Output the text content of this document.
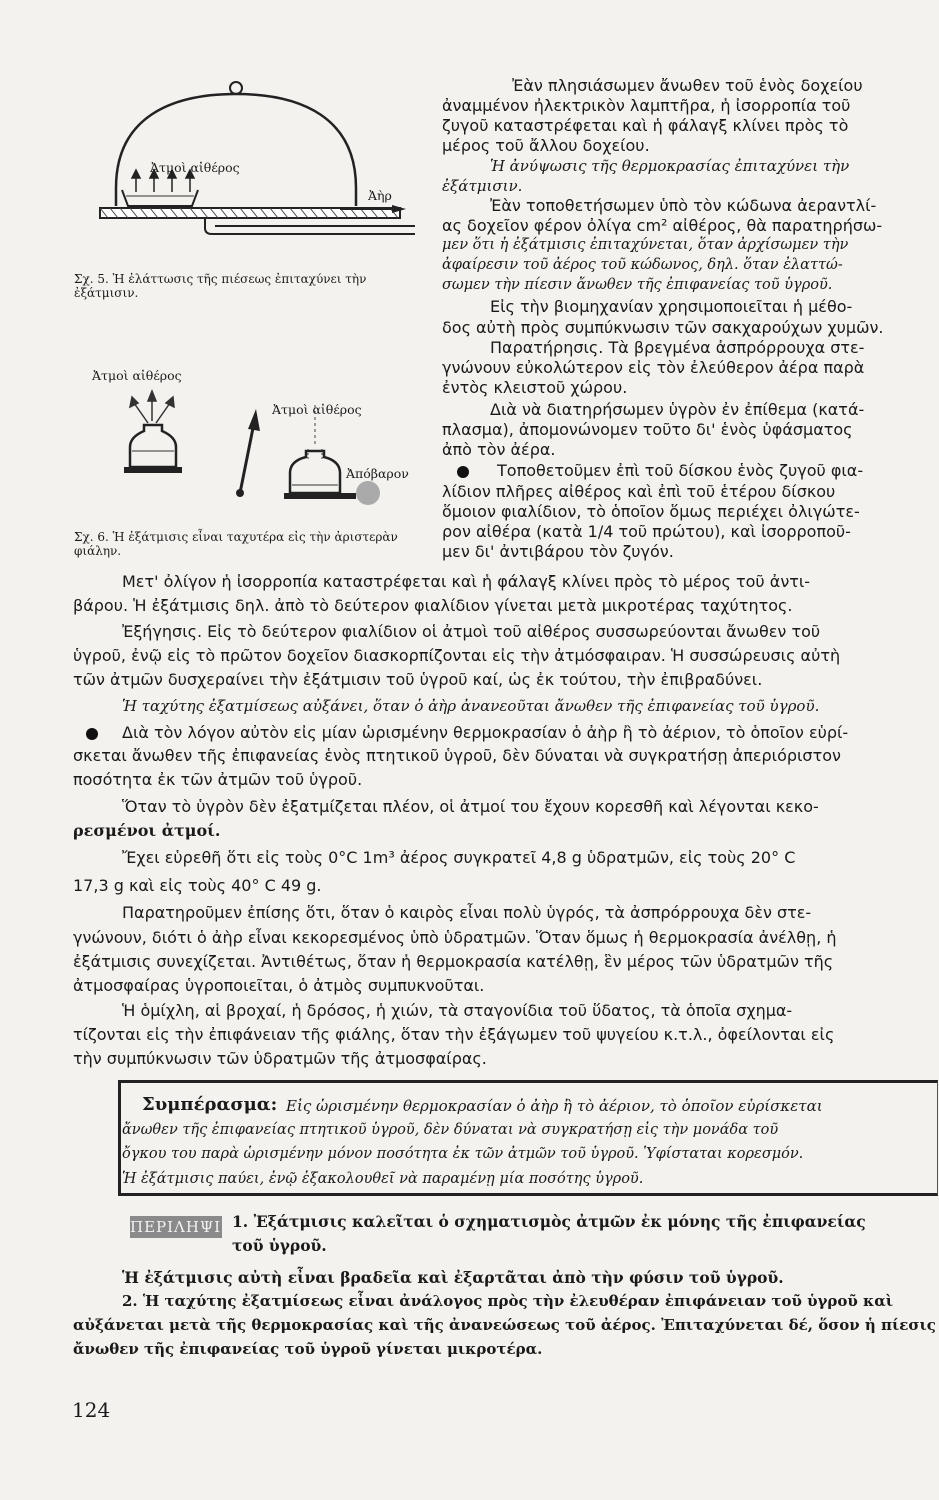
Ἀτμοὶ αἰθέρος
Ἀὴρ
Σχ. 5. Ἡ ἐλάττωσις τῆς πιέσεως ἐπιταχύνει τὴν ἐξάτμισιν.
Ἀτμοὶ αἰθέρος
Ἀτμοὶ αἰθέρος
Ἀπόβαρον
Σχ. 6. Ἡ ἐξάτμισις εἶναι ταχυτέρα εἰς τὴν ἀριστερὰν φιάλην.
Ἐὰν πλησιάσωμεν ἄνωθεν τοῦ ἑνὸς δοχείου
ἀναμμένον ἠλεκτρικὸν λαμπτῆρα, ἡ ἰσορροπία τοῦ
ζυγοῦ καταστρέφεται καὶ ἡ φάλαγξ κλίνει πρὸς τὸ
μέρος τοῦ ἄλλου δοχείου.
Ἡ ἀνύψωσις τῆς θερμοκρασίας ἐπιταχύνει τὴν
ἐξάτμισιν.
Ἐὰν τοποθετήσωμεν ὑπὸ τὸν κώδωνα ἀεραντλί-
ας δοχεῖον φέρον ὀλίγα cm² αἰθέρος, θὰ παρατηρήσω-
μεν ὅτι ἡ ἐξάτμισις ἐπιταχύνεται, ὅταν ἀρχίσωμεν τὴν
ἀφαίρεσιν τοῦ ἀέρος τοῦ κώδωνος, δηλ. ὅταν ἐλαττώ-
σωμεν τὴν πίεσιν ἄνωθεν τῆς ἐπιφανείας τοῦ ὑγροῦ.
Εἰς τὴν βιομηχανίαν χρησιμοποιεῖται ἡ μέθο-
δος αὐτὴ πρὸς συμπύκνωσιν τῶν σακχαρούχων χυμῶν.
Παρατήρησις. Τὰ βρεγμένα ἀσπρόρρουχα στε-
γνώνουν εὐκολώτερον εἰς τὸν ἐλεύθερον ἀέρα παρὰ
ἐντὸς κλειστοῦ χώρου.
Διὰ νὰ διατηρήσωμεν ὑγρὸν ἐν ἐπίθεμα (κατά-
πλασμα), ἀπομονώνομεν τοῦτο δι' ἑνὸς ὑφάσματος
ἀπὸ τὸν ἀέρα.
Τοποθετοῦμεν ἐπὶ τοῦ δίσκου ἑνὸς ζυγοῦ φια-
λίδιον πλῆρες αἰθέρος καὶ ἐπὶ τοῦ ἑτέρου δίσκου
ὅμοιον φιαλίδιον, τὸ ὁποῖον ὅμως περιέχει ὀλιγώτε-
ρον αἰθέρα (κατὰ 1/4 τοῦ πρώτου), καὶ ἰσορροποῦ-
μεν δι' ἀντιβάρου τὸν ζυγόν.
Μετ' ὀλίγον ἡ ἰσορροπία καταστρέφεται καὶ ἡ φάλαγξ κλίνει πρὸς τὸ μέρος τοῦ ἀντι-
βάρου. Ἡ ἐξάτμισις δηλ. ἀπὸ τὸ δεύτερον φιαλίδιον γίνεται μετὰ μικροτέρας ταχύτητος.
Ἐξήγησις. Εἰς τὸ δεύτερον φιαλίδιον οἱ ἀτμοὶ τοῦ αἰθέρος συσσωρεύονται ἄνωθεν τοῦ
ὑγροῦ, ἐνῷ εἰς τὸ πρῶτον δοχεῖον διασκορπίζονται εἰς τὴν ἀτμόσφαιραν. Ἡ συσσώρευσις αὐτὴ
τῶν ἀτμῶν δυσχεραίνει τὴν ἐξάτμισιν τοῦ ὑγροῦ καί, ὡς ἐκ τούτου, τὴν ἐπιβραδύνει.
Ἡ ταχύτης ἐξατμίσεως αὐξάνει, ὅταν ὁ ἀὴρ ἀνανεοῦται ἄνωθεν τῆς ἐπιφανείας τοῦ ὑγροῦ.
Διὰ τὸν λόγον αὐτὸν εἰς μίαν ὡρισμένην θερμοκρασίαν ὁ ἀὴρ ἢ τὸ ἀέριον, τὸ ὁποῖον εὑρί-
σκεται ἄνωθεν τῆς ἐπιφανείας ἑνὸς πτητικοῦ ὑγροῦ, δὲν δύναται νὰ συγκρατήσῃ ἀπεριόριστον
ποσότητα ἐκ τῶν ἀτμῶν τοῦ ὑγροῦ.
Ὅταν τὸ ὑγρὸν δὲν ἐξατμίζεται πλέον, οἱ ἀτμοί του ἔχουν κορεσθῆ καὶ λέγονται κεκο-
ρεσμένοι ἀτμοί.
Ἔχει εὑρεθῆ ὅτι εἰς τοὺς 0°C 1m³ ἀέρος συγκρατεῖ 4,8 g ὑδρατμῶν, εἰς τοὺς 20° C
17,3 g καὶ εἰς τοὺς 40° C 49 g.
Παρατηροῦμεν ἐπίσης ὅτι, ὅταν ὁ καιρὸς εἶναι πολὺ ὑγρός, τὰ ἀσπρόρρουχα δὲν στε-
γνώνουν, διότι ὁ ἀὴρ εἶναι κεκορεσμένος ὑπὸ ὑδρατμῶν. Ὅταν ὅμως ἡ θερμοκρασία ἀνέλθῃ, ἡ
ἐξάτμισις συνεχίζεται. Ἀντιθέτως, ὅταν ἡ θερμοκρασία κατέλθῃ, ἓν μέρος τῶν ὑδρατμῶν τῆς
ἀτμοσφαίρας ὑγροποιεῖται, ὁ ἀτμὸς συμπυκνοῦται.
Ἡ ὁμίχλη, αἱ βροχαί, ἡ δρόσος, ἡ χιών, τὰ σταγονίδια τοῦ ὕδατος, τὰ ὁποῖα σχημα-
τίζονται εἰς τὴν ἐπιφάνειαν τῆς φιάλης, ὅταν τὴν ἐξάγωμεν τοῦ ψυγείου κ.τ.λ., ὀφείλονται εἰς
τὴν συμπύκνωσιν τῶν ὑδρατμῶν τῆς ἀτμοσφαίρας.
Συμπέρασμα: Εἰς ὡρισμένην θερμοκρασίαν ὁ ἀὴρ ἢ τὸ ἀέριον, τὸ ὁποῖον εὑρίσκεται
ἄνωθεν τῆς ἐπιφανείας πτητικοῦ ὑγροῦ, δὲν δύναται νὰ συγκρατήσῃ εἰς τὴν μονάδα τοῦ
ὄγκου του παρὰ ὡρισμένην μόνον ποσότητα ἐκ τῶν ἀτμῶν τοῦ ὑγροῦ. Ὑφίσταται κορεσμόν.
Ἡ ἐξάτμισις παύει, ἐνῷ ἐξακολουθεῖ νὰ παραμένῃ μία ποσότης ὑγροῦ.
ΠΕΡΙΛΗΨΙΣ 1. Ἐξάτμισις καλεῖται ὁ σχηματισμὸς ἀτμῶν ἐκ μόνης τῆς ἐπιφανείας
τοῦ ὑγροῦ.
Ἡ ἐξάτμισις αὐτὴ εἶναι βραδεῖα καὶ ἐξαρτᾶται ἀπὸ τὴν φύσιν τοῦ ὑγροῦ.
2. Ἡ ταχύτης ἐξατμίσεως εἶναι ἀνάλογος πρὸς τὴν ἐλευθέραν ἐπιφάνειαν τοῦ ὑγροῦ καὶ
αὐξάνεται μετὰ τῆς θερμοκρασίας καὶ τῆς ἀνανεώσεως τοῦ ἀέρος. Ἐπιταχύνεται δέ, ὅσον ἡ πίεσις
ἄνωθεν τῆς ἐπιφανείας τοῦ ὑγροῦ γίνεται μικροτέρα.
124
